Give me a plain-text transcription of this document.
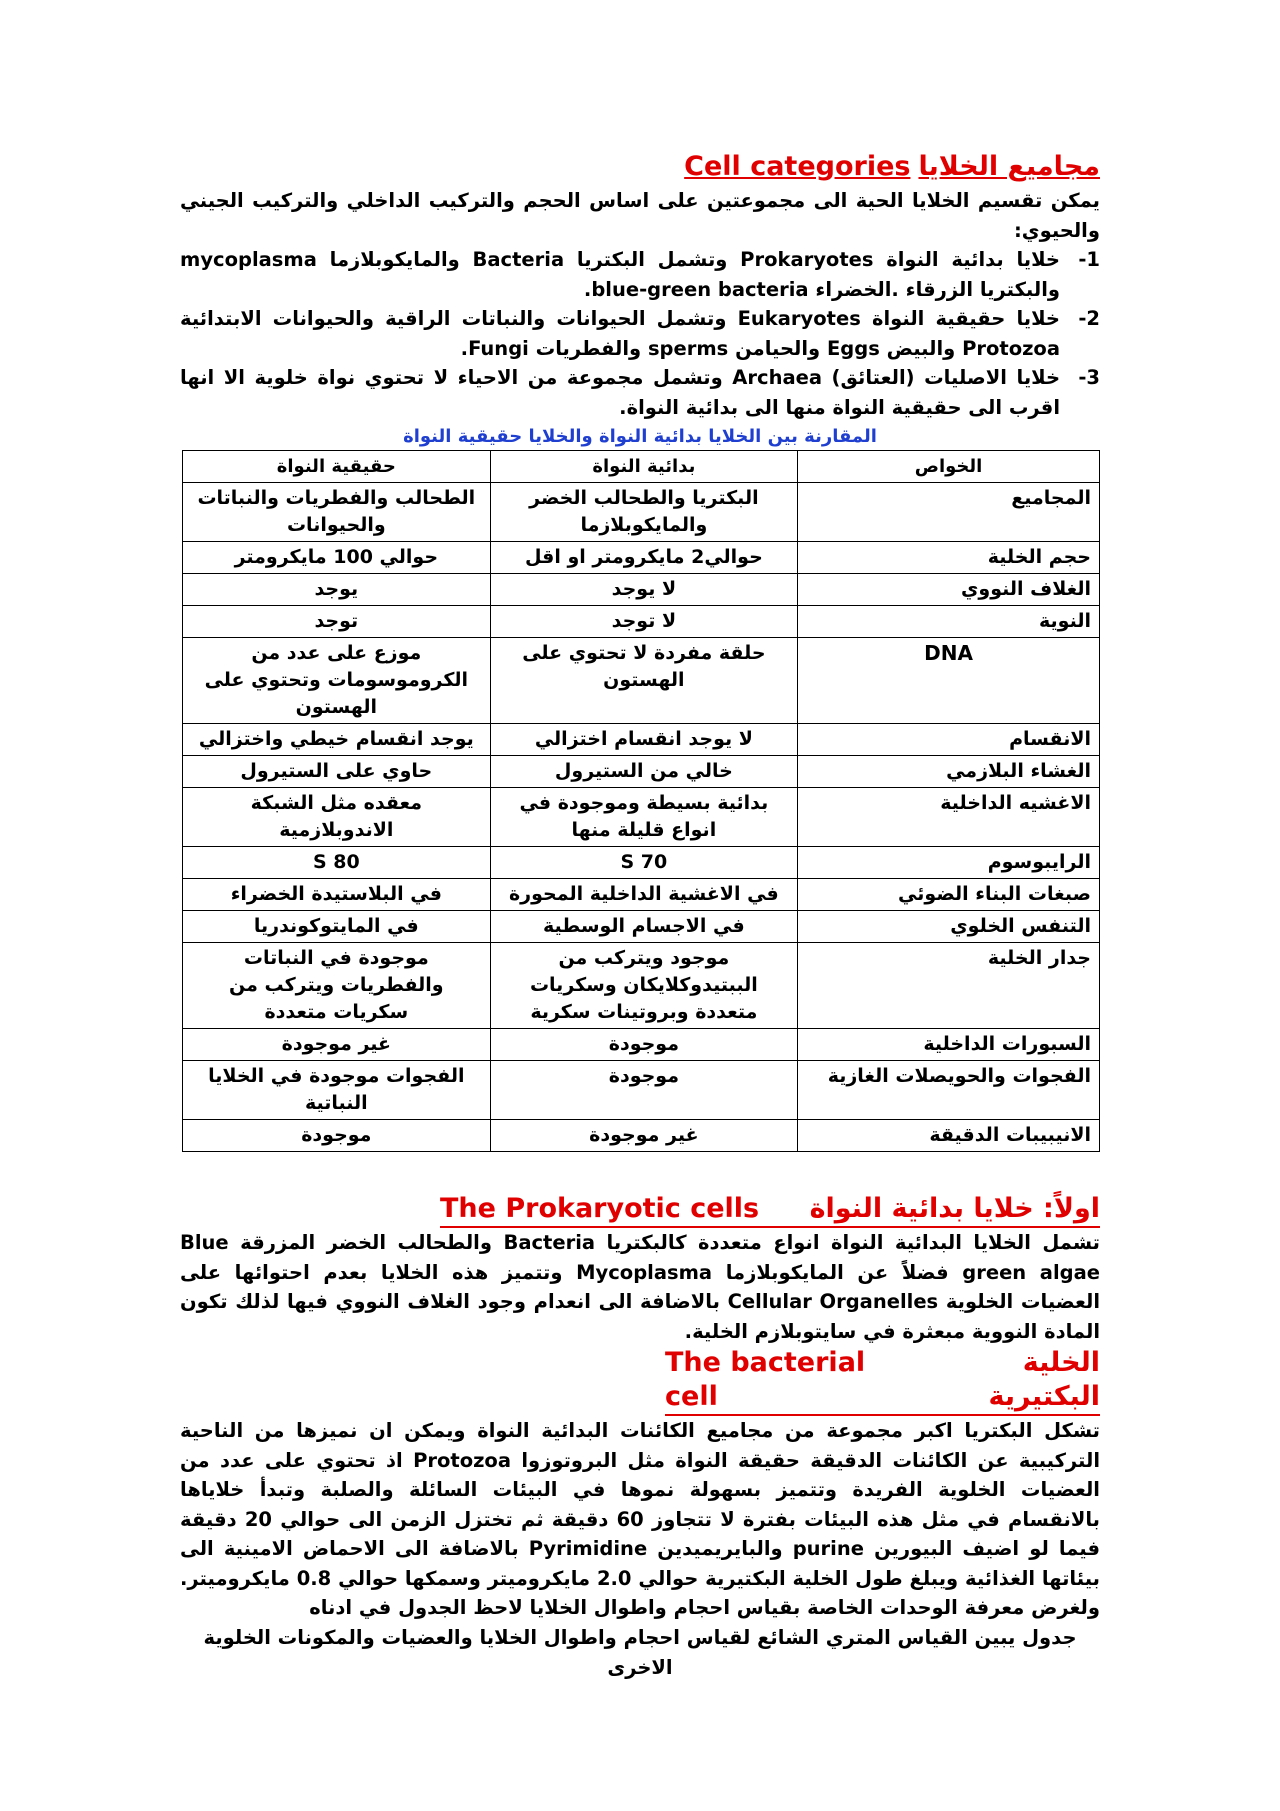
مجاميع الخلايا
Cell categories
يمكن تقسيم الخلايا الحية الى مجموعتين على اساس الحجم والتركيب الداخلي والتركيب الجيني والحيوي:
-1
خلايا بدائية النواة Prokaryotes وتشمل البكتريا Bacteria والمايكوبلازما mycoplasma والبكتريا الزرقاء .الخضراء blue-green bacteria.
-2
خلايا حقيقية النواة Eukaryotes وتشمل الحيوانات والنباتات الراقية والحيوانات الابتدائية Protozoa والبيض Eggs والحيامن sperms والفطريات Fungi.
-3
خلايا الاصليات (العتائق) Archaea وتشمل مجموعة من الاحياء لا تحتوي نواة خلوية الا انها اقرب الى حقيقية النواة منها الى بدائية النواة.
المقارنة بين الخلايا بدائية النواة والخلايا حقيقية النواة
الخواص	بدائية النواة	حقيقية النواة
المجاميع	البكتريا والطحالب الخضر والمايكوبلازما	الطحالب والفطريات والنباتات والحيوانات
حجم الخلية	حوالي2 مايكرومتر او اقل	حوالي 100 مايكرومتر
الغلاف النووي	لا يوجد	يوجد
النوية	لا توجد	توجد
DNA	حلقة مفردة لا تحتوي على الهستون	موزع على عدد من الكروموسومات وتحتوي على الهستون
الانقسام	لا يوجد انقسام اختزالي	يوجد انقسام خيطي واختزالي
الغشاء البلازمي	خالي من الستيرول	حاوي على الستيرول
الاغشيه الداخلية	بدائية بسيطة وموجودة في انواع قليلة منها	معقده مثل الشبكة الاندوبلازمية
الرايبوسوم	70 S	80 S
صبغات البناء الضوئي	في الاغشية الداخلية المحورة	في البلاستيدة الخضراء
التنفس الخلوي	في الاجسام الوسطية	في المايتوكوندريا
جدار الخلية	موجود ويتركب من الببتيدوكلايكان وسكريات متعددة وبروتينات سكرية	موجودة في النباتات والفطريات ويتركب من سكريات متعددة
السبورات الداخلية	موجودة	غير موجودة
الفجوات والحويصلات الغازية	موجودة	الفجوات موجودة في الخلايا النباتية
الانيبيبات الدقيقة	غير موجودة	موجودة
اولاً: خلايا بدائية النواة
The Prokaryotic cells
تشمل الخلايا البدائية النواة انواع متعددة كالبكتريا Bacteria والطحالب الخضر المزرقة Blue green algae فضلاً عن المايكوبلازما Mycoplasma وتتميز هذه الخلايا بعدم احتوائها على العضيات الخلوية Cellular Organelles بالاضافة الى انعدام وجود الغلاف النووي فيها لذلك تكون المادة النووية مبعثرة في سايتوبلازم الخلية.
الخلية البكتيرية
The bacterial cell
تشكل البكتريا اكبر مجموعة من مجاميع الكائنات البدائية النواة ويمكن ان نميزها من الناحية التركيبية عن الكائنات الدقيقة حقيقة النواة مثل البروتوزوا Protozoa اذ تحتوي على عدد من العضيات الخلوية الفريدة وتتميز بسهولة نموها في البيئات السائلة والصلبة وتبدأ خلاياها بالانقسام في مثل هذه البيئات بفترة لا تتجاوز 60 دقيقة ثم تختزل الزمن الى حوالي 20 دقيقة فيما لو اضيف البيورين purine والبايريميدين Pyrimidine بالاضافة الى الاحماض الامينية الى بيئاتها الغذائية ويبلغ طول الخلية البكتيرية حوالي 2.0 مايكروميتر وسمكها حوالي 0.8 مايكروميتر. ولغرض معرفة الوحدات الخاصة بقياس احجام واطوال الخلايا لاحظ الجدول في ادناه
جدول يبين القياس المتري الشائع لقياس احجام واطوال الخلايا والعضيات والمكونات الخلوية الاخرى
